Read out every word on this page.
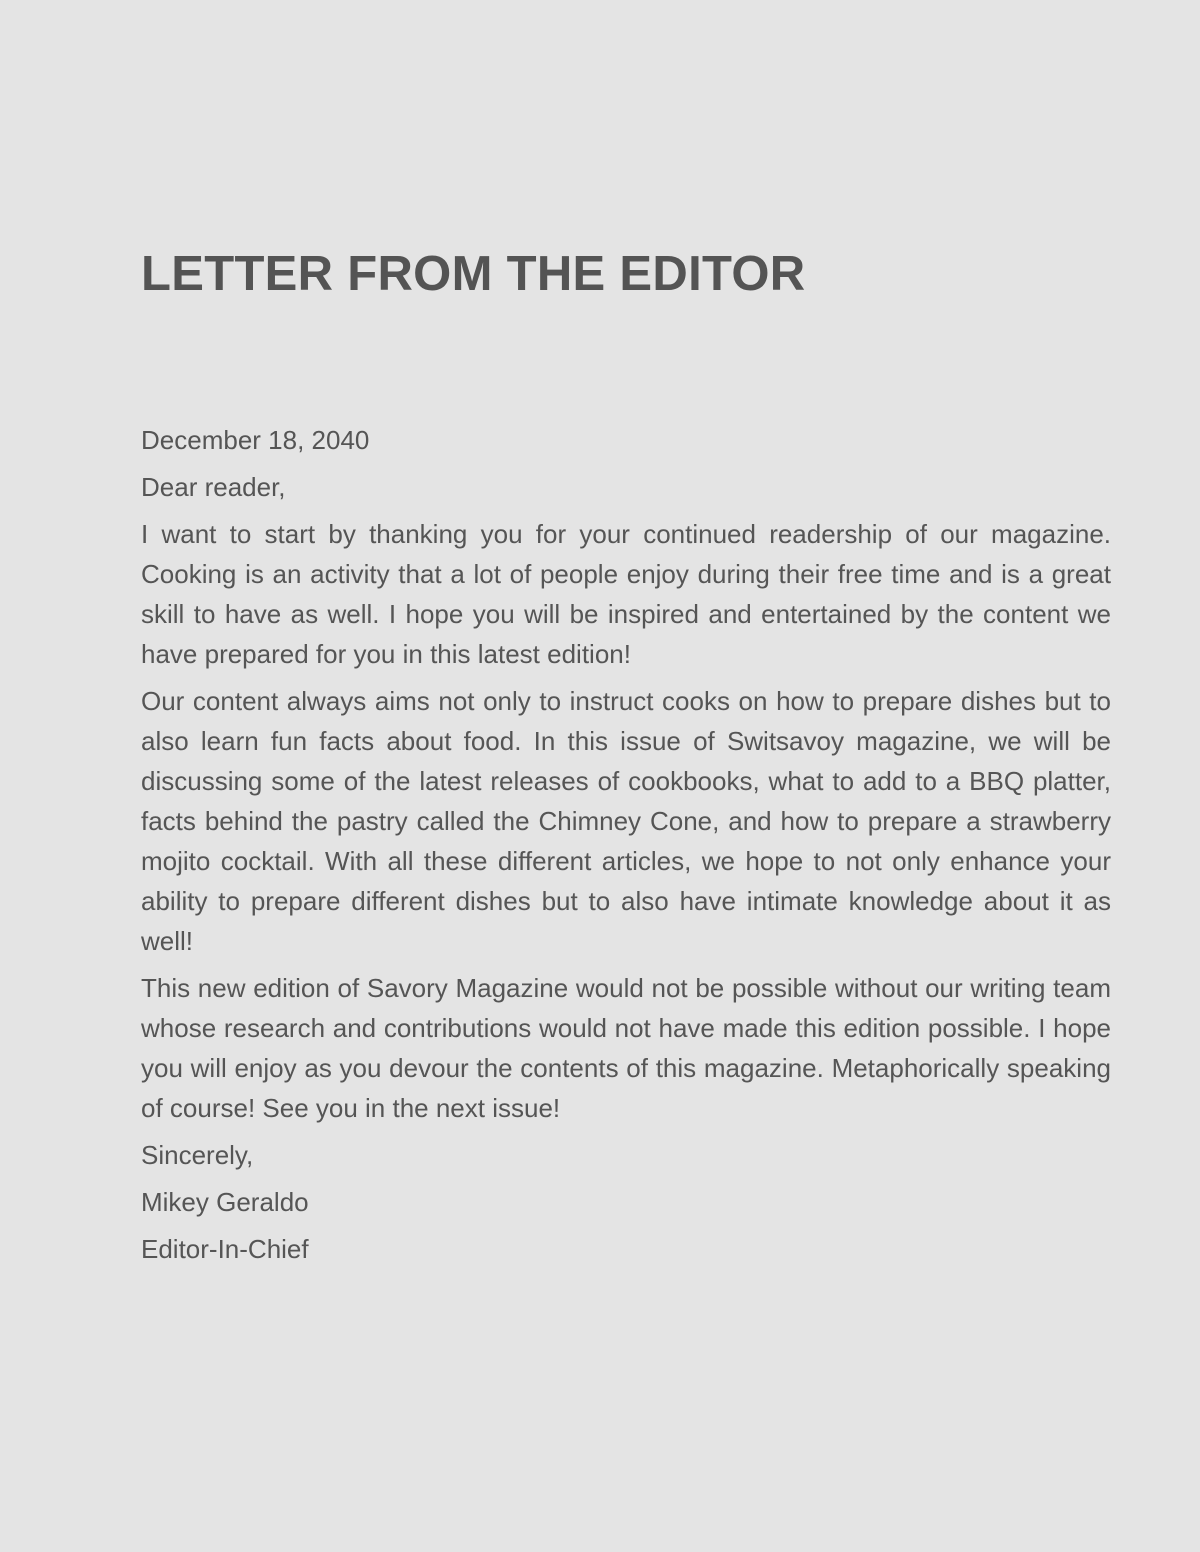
LETTER FROM THE EDITOR

December 18, 2040

Dear reader,

I want to start by thanking you for your continued readership of our magazine. Cooking is an activity that a lot of people enjoy during their free time and is a great skill to have as well. I hope you will be inspired and entertained by the content we have prepared for you in this latest edition!

Our content always aims not only to instruct cooks on how to prepare dishes but to also learn fun facts about food. In this issue of Switsavoy magazine, we will be discussing some of the latest releases of cookbooks, what to add to a BBQ platter, facts behind the pastry called the Chimney Cone, and how to prepare a strawberry mojito cocktail. With all these different articles, we hope to not only enhance your ability to prepare different dishes but to also have intimate knowledge about it as well!

This new edition of Savory Magazine would not be possible without our writing team whose research and contributions would not have made this edition possible. I hope you will enjoy as you devour the contents of this magazine. Metaphorically speaking of course! See you in the next issue!

Sincerely,

Mikey Geraldo

Editor-In-Chief
